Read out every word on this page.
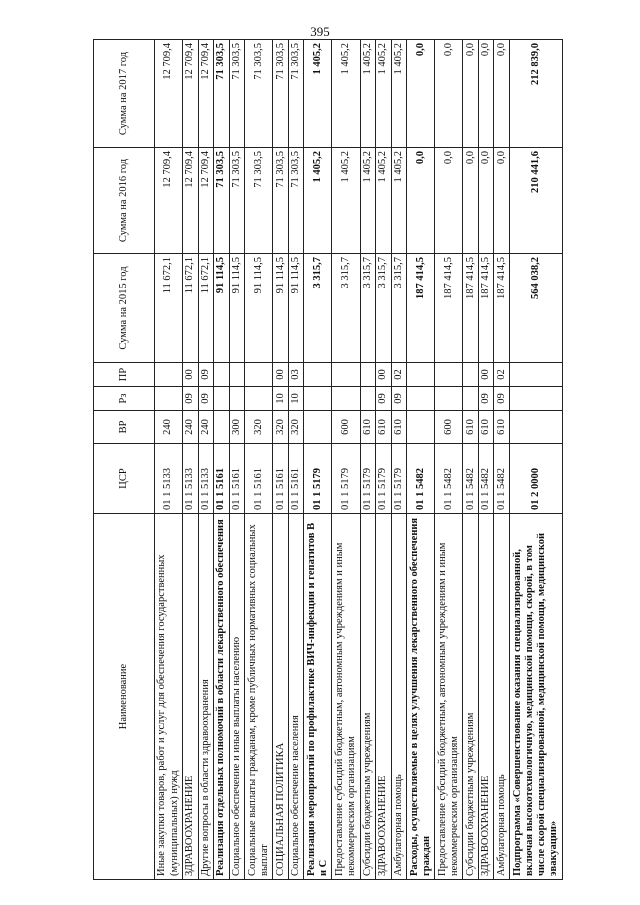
395
Наименование	ЦСР	ВР	Рз	ПР	Сумма на 2015 год	Сумма на 2016 год	Сумма на 2017 год
Иные закупки товаров, работ и услуг для обеспечения государственных (муниципальных) нужд	01 1 5133	240			11 672,1	12 709,4	12 709,4
ЗДРАВООХРАНЕНИЕ	01 1 5133	240	09	00	11 672,1	12 709,4	12 709,4
Другие вопросы в области здравоохранения	01 1 5133	240	09	09	11 672,1	12 709,4	12 709,4
Реализация отдельных полномочий в области лекарственного обеспечения	01 1 5161				91 114,5	71 303,5	71 303,5
Социальное обеспечение и иные выплаты населению	01 1 5161	300			91 114,5	71 303,5	71 303,5
Социальные выплаты гражданам, кроме публичных нормативных социальных выплат	01 1 5161	320			91 114,5	71 303,5	71 303,5
СОЦИАЛЬНАЯ ПОЛИТИКА	01 1 5161	320	10	00	91 114,5	71 303,5	71 303,5
Социальное обеспечение населения	01 1 5161	320	10	03	91 114,5	71 303,5	71 303,5
Реализация мероприятий по профилактике ВИЧ-инфекции и гепатитов В и С	01 1 5179				3 315,7	1 405,2	1 405,2
Предоставление субсидий бюджетным, автономным учреждениям и иным некоммерческим организациям	01 1 5179	600			3 315,7	1 405,2	1 405,2
Субсидии бюджетным учреждениям	01 1 5179	610			3 315,7	1 405,2	1 405,2
ЗДРАВООХРАНЕНИЕ	01 1 5179	610	09	00	3 315,7	1 405,2	1 405,2
Амбулаторная помощь	01 1 5179	610	09	02	3 315,7	1 405,2	1 405,2
Расходы, осуществляемые в целях улучшения лекарственного обеспечения граждан	01 1 5482				187 414,5	0,0	0,0
Предоставление субсидий бюджетным, автономным учреждениям и иным некоммерческим организациям	01 1 5482	600			187 414,5	0,0	0,0
Субсидии бюджетным учреждениям	01 1 5482	610			187 414,5	0,0	0,0
ЗДРАВООХРАНЕНИЕ	01 1 5482	610	09	00	187 414,5	0,0	0,0
Амбулаторная помощь	01 1 5482	610	09	02	187 414,5	0,0	0,0
Подпрограмма «Совершенствование оказания специализированной, включая высокотехнологичную, медицинской помощи, скорой, в том числе скорой специализированной, медицинской помощи, медицинской эвакуации»	01 2 0000				564 038,2	210 441,6	212 839,0
